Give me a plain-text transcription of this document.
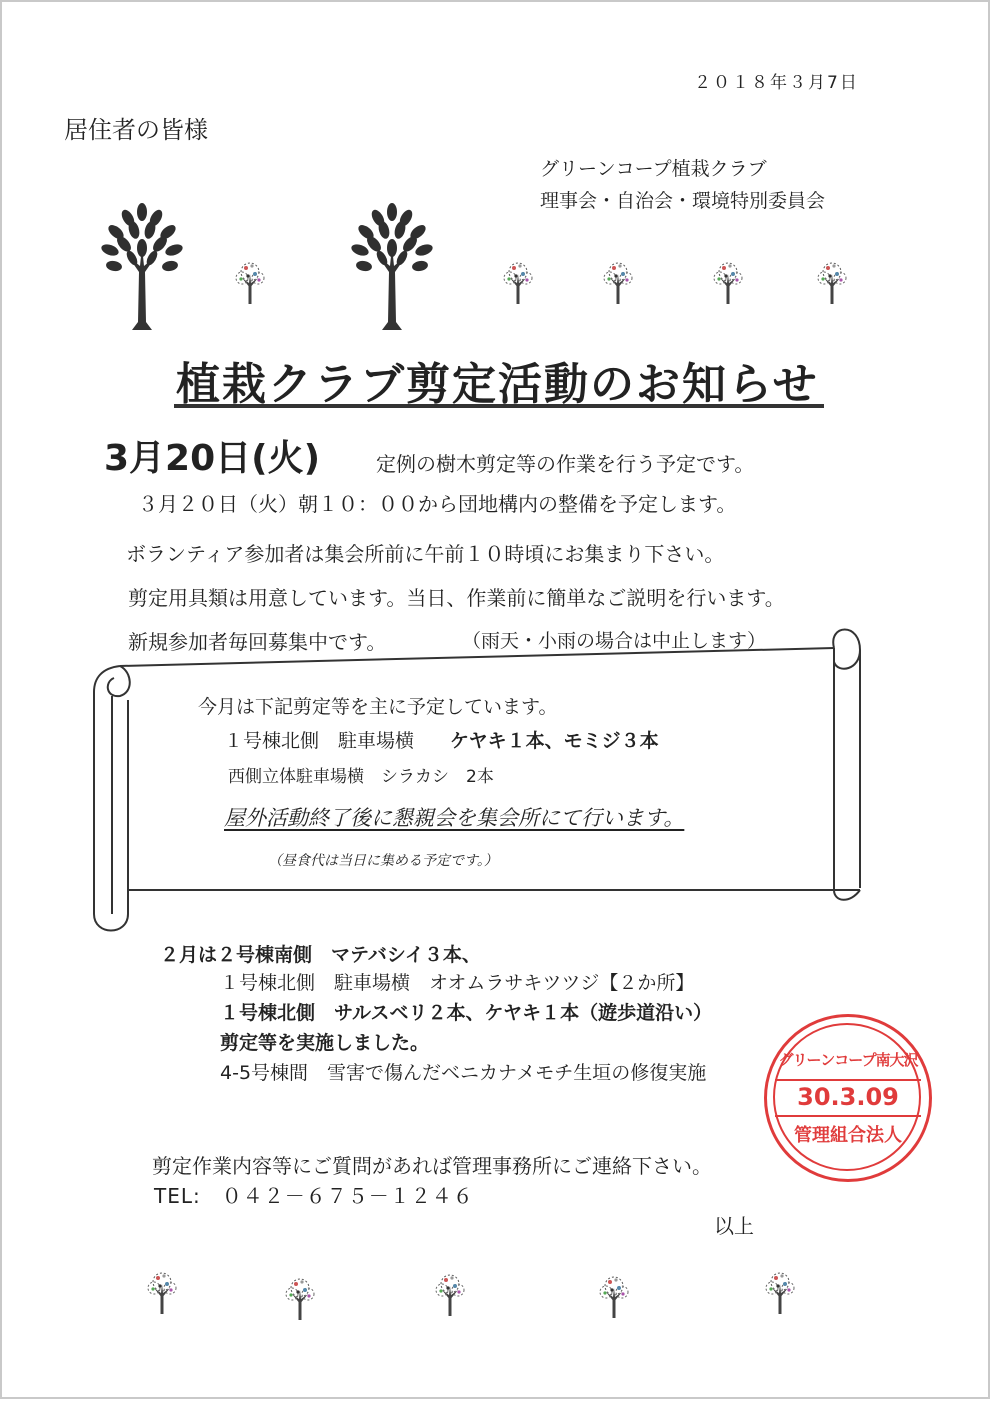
２０１８年３月7日
居住者の皆様
グリーンコープ植栽クラブ
理事会・自治会・環境特別委員会
植栽クラブ剪定活動のお知らせ
3月20日(火)	定例の樹木剪定等の作業を行う予定です。
３月２０日（火）朝１０：００から団地構内の整備を予定します。
ボランティア参加者は集会所前に午前１０時頃にお集まり下さい。
剪定用具類は用意しています。当日、作業前に簡単なご説明を行います。
新規参加者毎回募集中です。	（雨天・小雨の場合は中止します）
今月は下記剪定等を主に予定しています。
１号棟北側　駐車場横 ケヤキ１本、モミジ３本
西側立体駐車場横　シラカシ　2本
屋外活動終了後に懇親会を集会所にて行います。
（昼食代は当日に集める予定です。）
２月は２号棟南側　マテバシイ３本、
１号棟北側　駐車場横　オオムラサキツツジ【２か所】
１号棟北側　サルスベリ２本、ケヤキ１本（遊歩道沿い）
剪定等を実施しました。
4-5号棟間　雪害で傷んだベニカナメモチ生垣の修復実施
剪定作業内容等にご質問があれば管理事務所にご連絡下さい。
TEL:　０４２－６７５－１２４６
以上
グリーンコープ南大沢
30.3.09
管理組合法人
